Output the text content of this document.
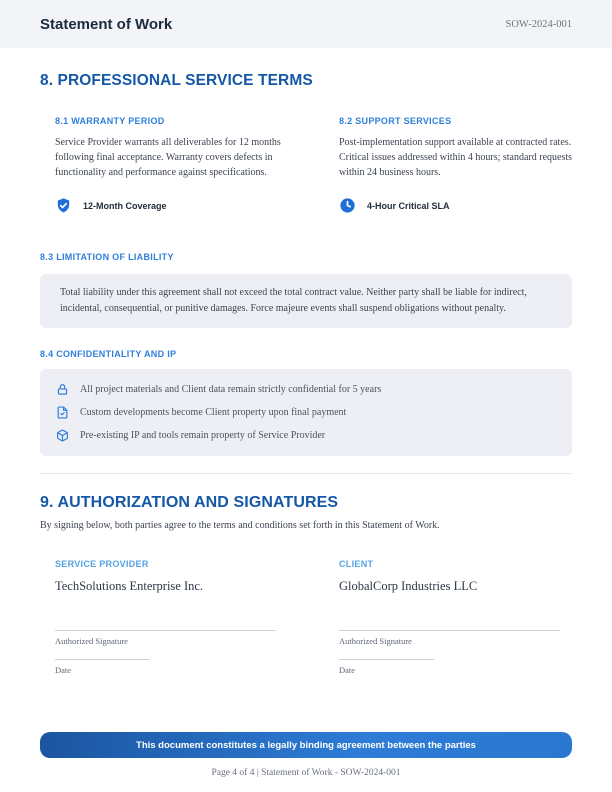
Statement of Work	SOW-2024-001
8. PROFESSIONAL SERVICE TERMS
8.1 WARRANTY PERIOD
Service Provider warrants all deliverables for 12 months following final acceptance. Warranty covers defects in functionality and performance against specifications.
12-Month Coverage
8.2 SUPPORT SERVICES
Post-implementation support available at contracted rates. Critical issues addressed within 4 hours; standard requests within 24 business hours.
4-Hour Critical SLA
8.3 LIMITATION OF LIABILITY
Total liability under this agreement shall not exceed the total contract value. Neither party shall be liable for indirect, incidental, consequential, or punitive damages. Force majeure events shall suspend obligations without penalty.
8.4 CONFIDENTIALITY AND IP
All project materials and Client data remain strictly confidential for 5 years
Custom developments become Client property upon final payment
Pre-existing IP and tools remain property of Service Provider
9. AUTHORIZATION AND SIGNATURES
By signing below, both parties agree to the terms and conditions set forth in this Statement of Work.
SERVICE PROVIDER
TechSolutions Enterprise Inc.
Authorized Signature
Date
CLIENT
GlobalCorp Industries LLC
Authorized Signature
Date
This document constitutes a legally binding agreement between the parties
Page 4 of 4 | Statement of Work - SOW-2024-001
